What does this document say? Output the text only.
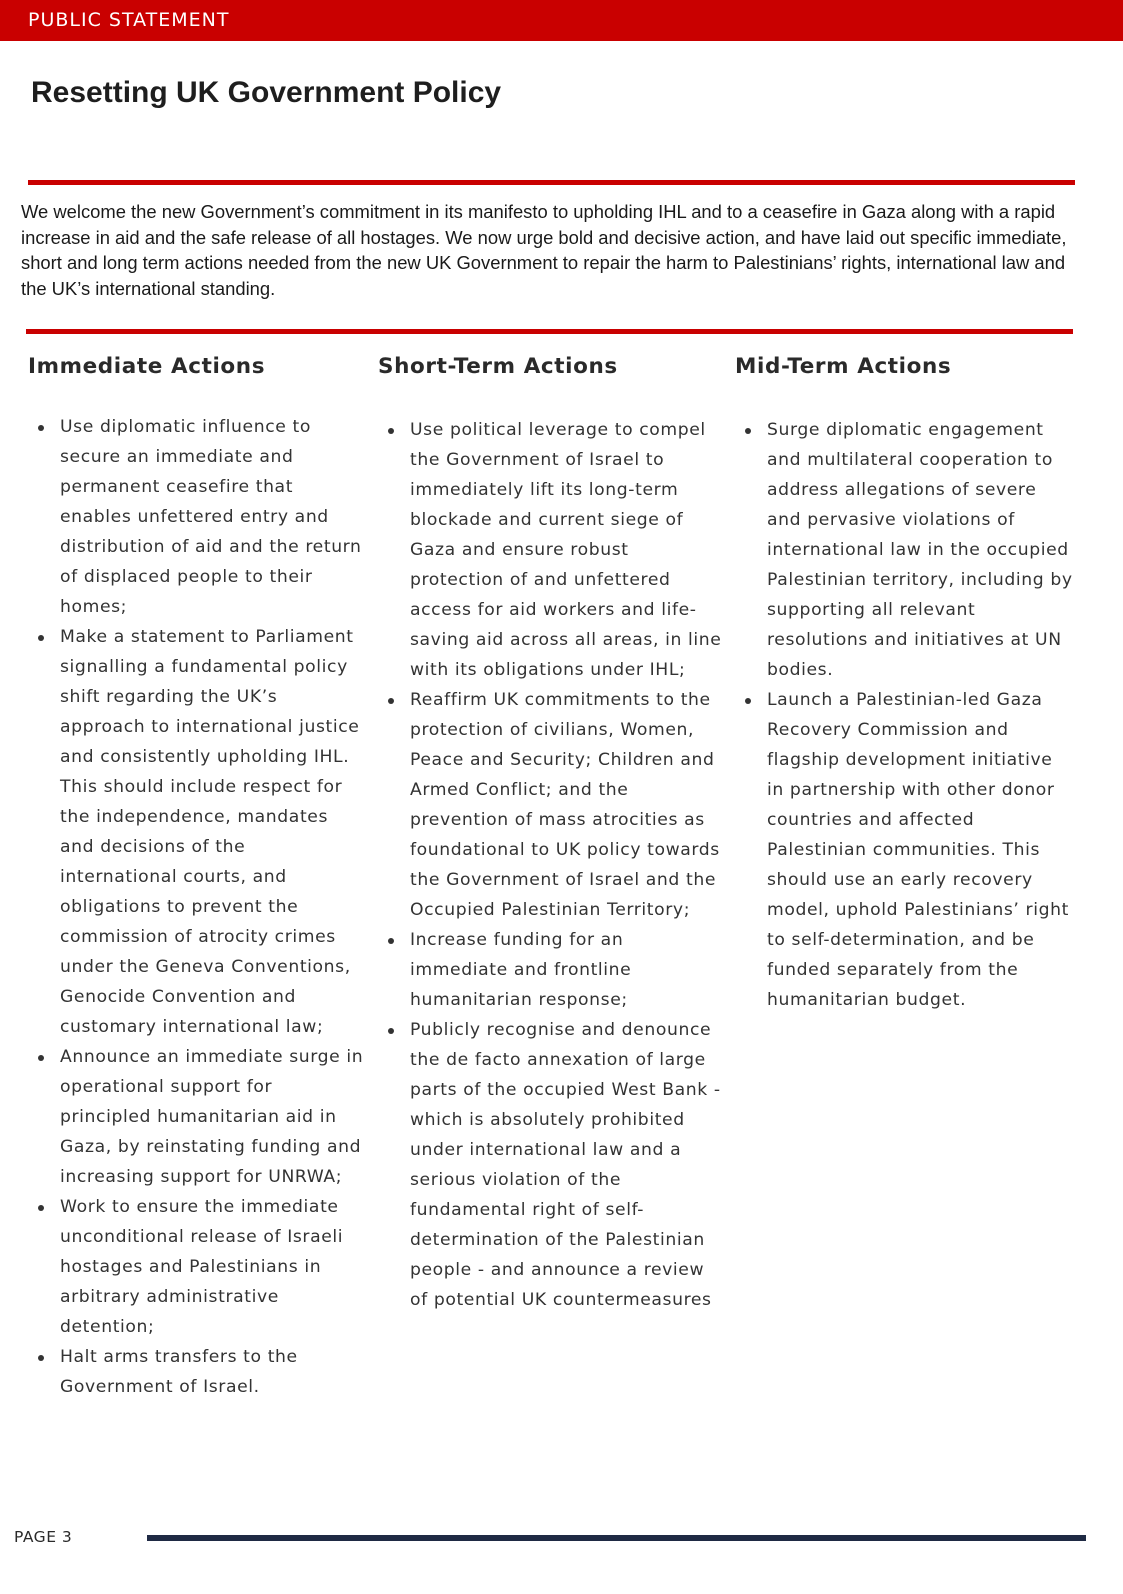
PUBLIC STATEMENT
Resetting UK Government Policy

We welcome the new Government’s commitment in its manifesto to upholding IHL and to a ceasefire in Gaza along with a rapid increase in aid and the safe release of all hostages. We now urge bold and decisive action, and have laid out specific immediate, short and long term actions needed from the new UK Government to repair the harm to Palestinians’ rights, international law and the UK’s international standing.

Immediate Actions
Use diplomatic influence to secure an immediate and permanent ceasefire that enables unfettered entry and distribution of aid and the return of displaced people to their homes;
Make a statement to Parliament signalling a fundamental policy shift regarding the UK’s approach to international justice and consistently upholding IHL. This should include respect for the independence, mandates and decisions of the international courts, and obligations to prevent the commission of atrocity crimes under the Geneva Conventions, Genocide Convention and customary international law;
Announce an immediate surge in operational support for principled humanitarian aid in Gaza, by reinstating funding and increasing support for UNRWA;
Work to ensure the immediate unconditional release of Israeli hostages and Palestinians in arbitrary administrative detention;
Halt arms transfers to the Government of Israel.
Short-Term Actions
Use political leverage to compel the Government of Israel to immediately lift its long-term blockade and current siege of Gaza and ensure robust protection of and unfettered access for aid workers and life-saving aid across all areas, in line with its obligations under IHL;
Reaffirm UK commitments to the protection of civilians, Women, Peace and Security; Children and Armed Conflict; and the prevention of mass atrocities as foundational to UK policy towards the Government of Israel and the Occupied Palestinian Territory;
Increase funding for an immediate and frontline humanitarian response;
Publicly recognise and denounce the de facto annexation of large parts of the occupied West Bank - which is absolutely prohibited under international law and a serious violation of the fundamental right of self-determination of the Palestinian people - and announce a review of potential UK countermeasures
Mid-Term Actions
Surge diplomatic engagement and multilateral cooperation to address allegations of severe and pervasive violations of international law in the occupied Palestinian territory, including by supporting all relevant resolutions and initiatives at UN bodies.
Launch a Palestinian-led Gaza Recovery Commission and flagship development initiative in partnership with other donor countries and affected Palestinian communities. This should use an early recovery model, uphold Palestinians’ right to self-determination, and be funded separately from the humanitarian budget.
PAGE 3
